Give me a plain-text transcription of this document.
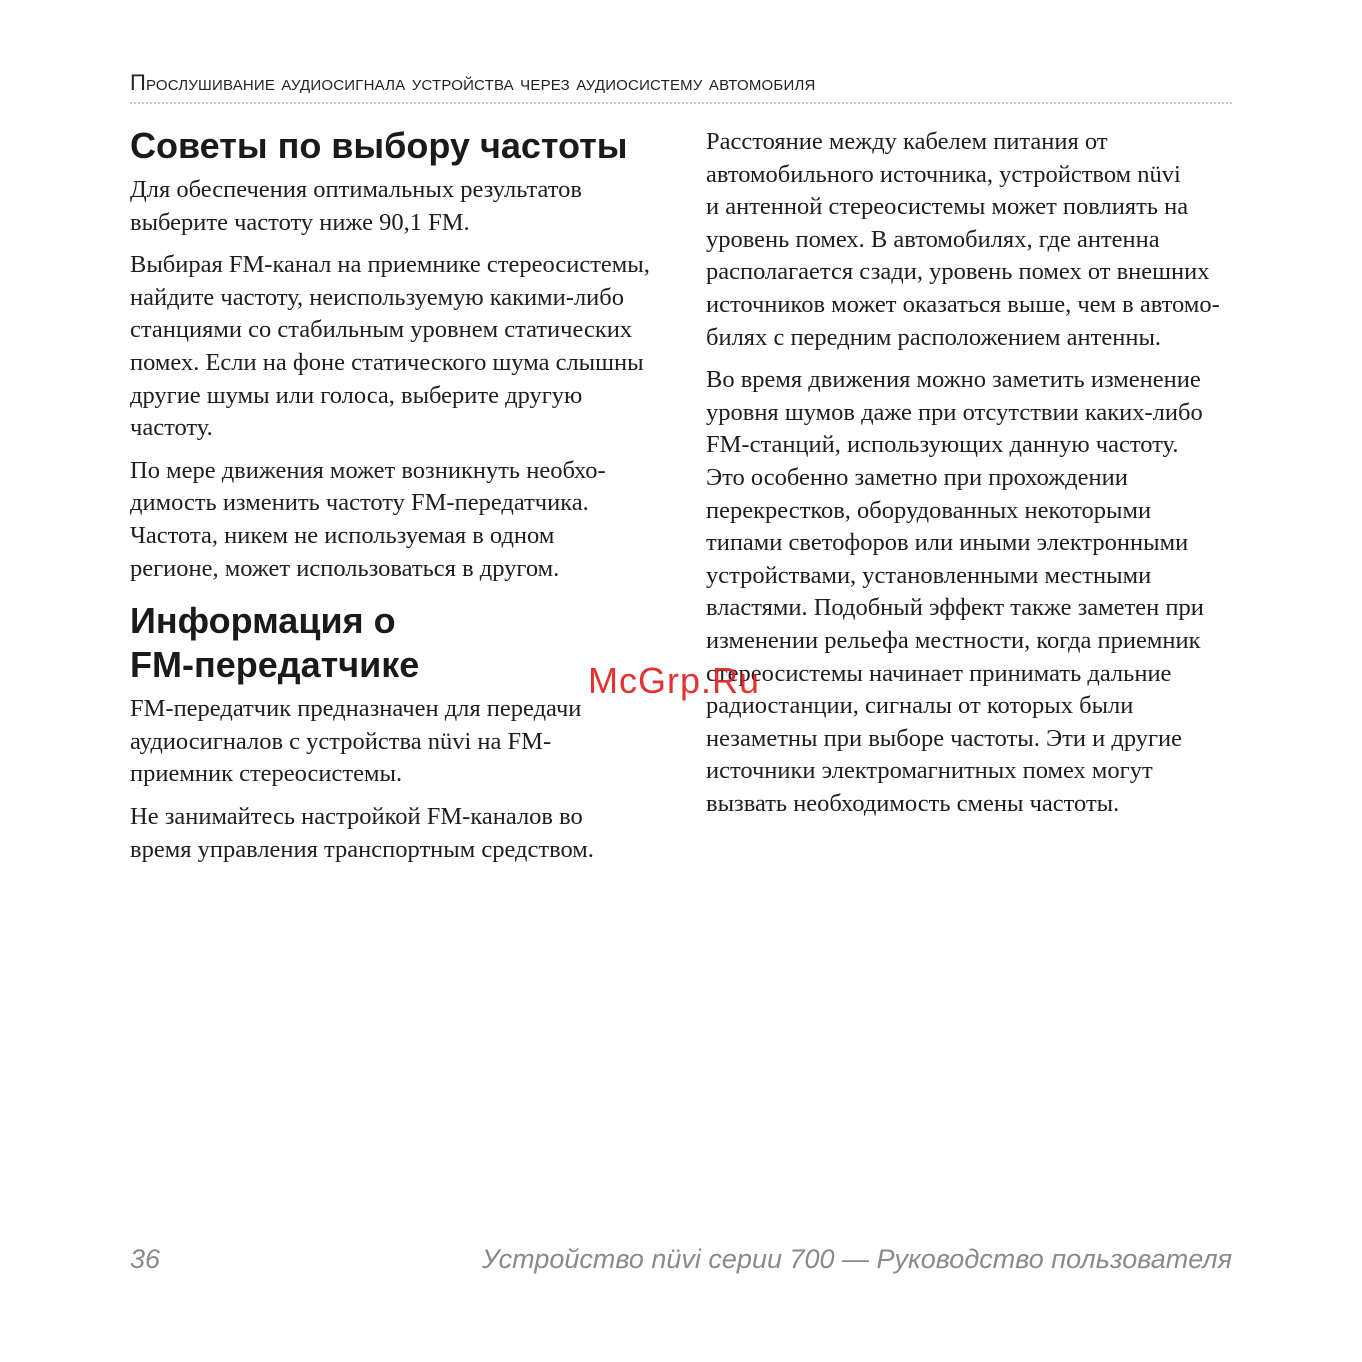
Прослушивание аудиосигнала устройства через аудиосистему автомобиля
Советы по выбору частоты

Для обеспечения оптимальных результатов
выберите частоту ниже 90,1 FM.

Выбирая FM-канал на приемнике стереосистемы,
найдите частоту, неиспользуемую какими-либо
станциями со стабильным уровнем статических
помех. Если на фоне статического шума слышны
другие шумы или голоса, выберите другую
частоту.

По мере движения может возникнуть необхо-
димость изменить частоту FM-передатчика.
Частота, никем не используемая в одном
регионе, может использоваться в другом.

Информация о
FM-передатчике

FM-передатчик предназначен для передачи
аудиосигналов с устройства nüvi на FM-
приемник стереосистемы.

Не занимайтесь настройкой FM-каналов во
время управления транспортным средством.

Расстояние между кабелем питания от
автомобильного источника, устройством nüvi
и антенной стереосистемы может повлиять на
уровень помех. В автомобилях, где антенна
располагается сзади, уровень помех от внешних
источников может оказаться выше, чем в автомо-
билях с передним расположением антенны.

Во время движения можно заметить изменение
уровня шумов даже при отсутствии каких-либо
FM-станций, использующих данную частоту.
Это особенно заметно при прохождении
перекрестков, оборудованных некоторыми
типами светофоров или иными электронными
устройствами, установленными местными
властями. Подобный эффект также заметен при
изменении рельефа местности, когда приемник
стереосистемы начинает принимать дальние
радиостанции, сигналы от которых были
незаметны при выборе частоты. Эти и другие
источники электромагнитных помех могут
вызвать необходимость смены частоты.

McGrp.Ru
36	Устройство nüvi серии 700 — Руководство пользователя
